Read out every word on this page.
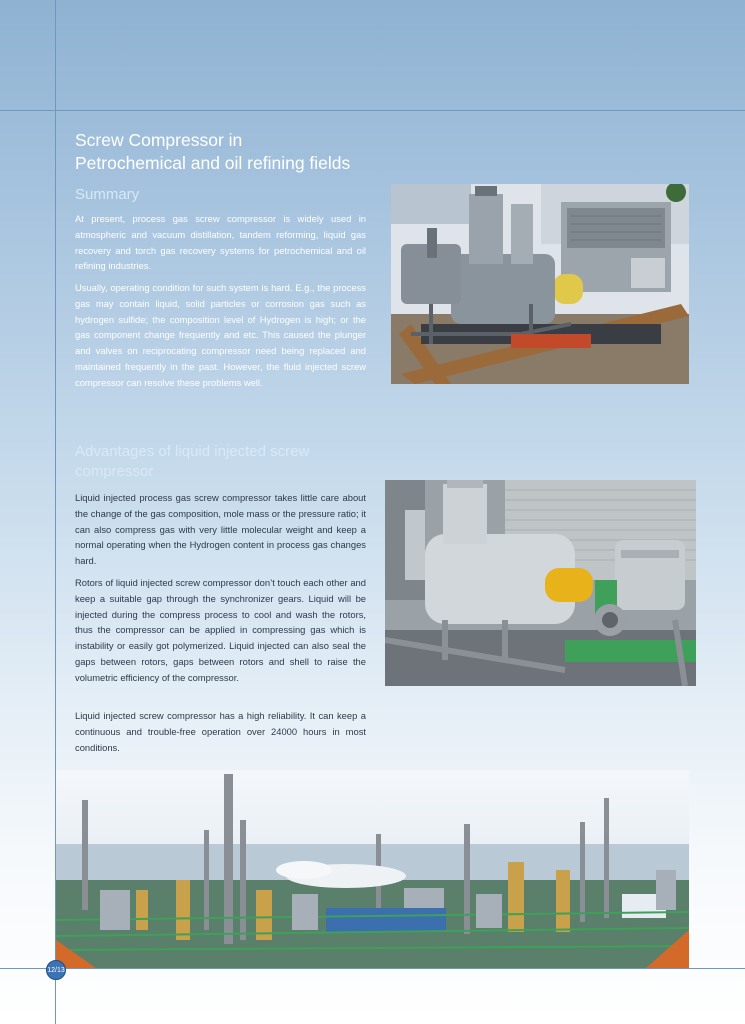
Screw Compressor in
Petrochemical and oil refining fields
Summary

At present, process gas screw compressor is widely used in atmospheric and vacuum distillation, tandem reforming, liquid gas recovery and torch gas recovery systems for petrochemical and oil refining industries.

Usually, operating condition for such system is hard. E.g., the process gas may contain liquid, solid particles or corrosion gas such as hydrogen sulfide; the composition level of Hydrogen is high; or the gas component change frequently and etc. This caused the plunger and valves on reciprocating compressor need being replaced and maintained frequently in the past. However, the fluid injected screw compressor can resolve these problems well.

Advantages of liquid injected screw compressor

Liquid injected process gas screw compressor takes little care about the change of the gas composition, mole mass or the pressure ratio; it can also compress gas with very little molecular weight and keep a normal operating when the Hydrogen content in process gas changes hard.

Rotors of liquid injected screw compressor don’t touch each other and keep a suitable gap through the synchronizer gears. Liquid will be injected during the compress process to cool and wash the rotors, thus the compressor can be applied in compressing gas which is instability or easily got polymerized. Liquid injected can also seal the gaps between rotors, gaps between rotors and shell to raise the volumetric efficiency of the compressor.

Liquid injected screw compressor has a high reliability. It can keep a continuous and trouble-free operation over 24000 hours in most conditions.

12/13
